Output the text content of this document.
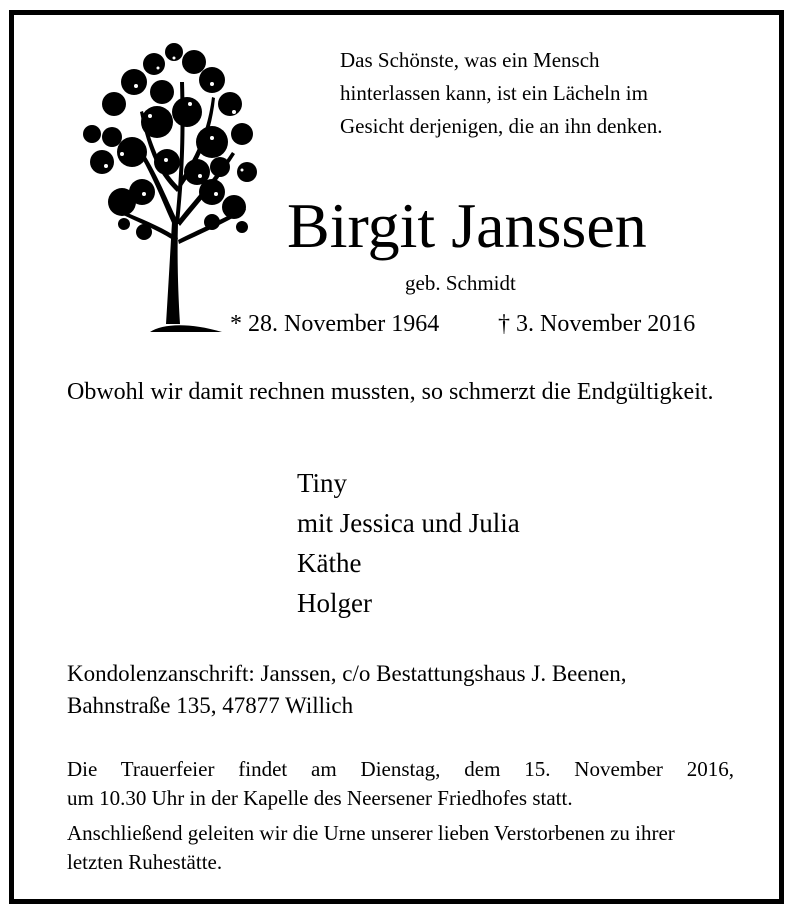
Das Schönste, was ein Mensch
hinterlassen kann, ist ein Lächeln im
Gesicht derjenigen, die an ihn denken.
Birgit Janssen
geb. Schmidt
* 28. November 1964 † 3. November 2016
Obwohl wir damit rechnen mussten, so schmerzt die Endgültigkeit.
Tiny
mit Jessica und Julia
Käthe
Holger
Kondolenzanschrift: Janssen, c/o Bestattungshaus J. Beenen,
Bahnstraße 135, 47877 Willich
Die Trauerfeier findet am Dienstag, dem 15. November 2016,
um 10.30 Uhr in der Kapelle des Neersener Friedhofes statt.
Anschließend geleiten wir die Urne unserer lieben Verstorbenen zu ihrer letzten Ruhestätte.
